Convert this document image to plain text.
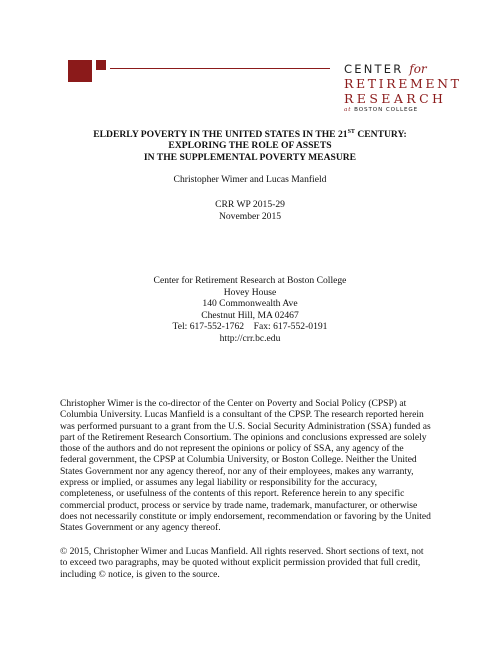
CENTER for
RETIREMENT
RESEARCH
at BOSTON COLLEGE
ELDERLY POVERTY IN THE UNITED STATES IN THE 21ST CENTURY:
EXPLORING THE ROLE OF ASSETS
IN THE SUPPLEMENTAL POVERTY MEASURE
Christopher Wimer and Lucas Manfield
CRR WP 2015-29
November 2015
Center for Retirement Research at Boston College
Hovey House
140 Commonwealth Ave
Chestnut Hill, MA 02467
Tel: 617-552-1762    Fax: 617-552-0191
http://crr.bc.edu
Christopher Wimer is the co-director of the Center on Poverty and Social Policy (CPSP) at
Columbia University. Lucas Manfield is a consultant of the CPSP. The research reported herein
was performed pursuant to a grant from the U.S. Social Security Administration (SSA) funded as
part of the Retirement Research Consortium. The opinions and conclusions expressed are solely
those of the authors and do not represent the opinions or policy of SSA, any agency of the
federal government, the CPSP at Columbia University, or Boston College. Neither the United
States Government nor any agency thereof, nor any of their employees, makes any warranty,
express or implied, or assumes any legal liability or responsibility for the accuracy,
completeness, or usefulness of the contents of this report. Reference herein to any specific
commercial product, process or service by trade name, trademark, manufacturer, or otherwise
does not necessarily constitute or imply endorsement, recommendation or favoring by the United
States Government or any agency thereof.
© 2015, Christopher Wimer and Lucas Manfield. All rights reserved. Short sections of text, not
to exceed two paragraphs, may be quoted without explicit permission provided that full credit,
including © notice, is given to the source.
